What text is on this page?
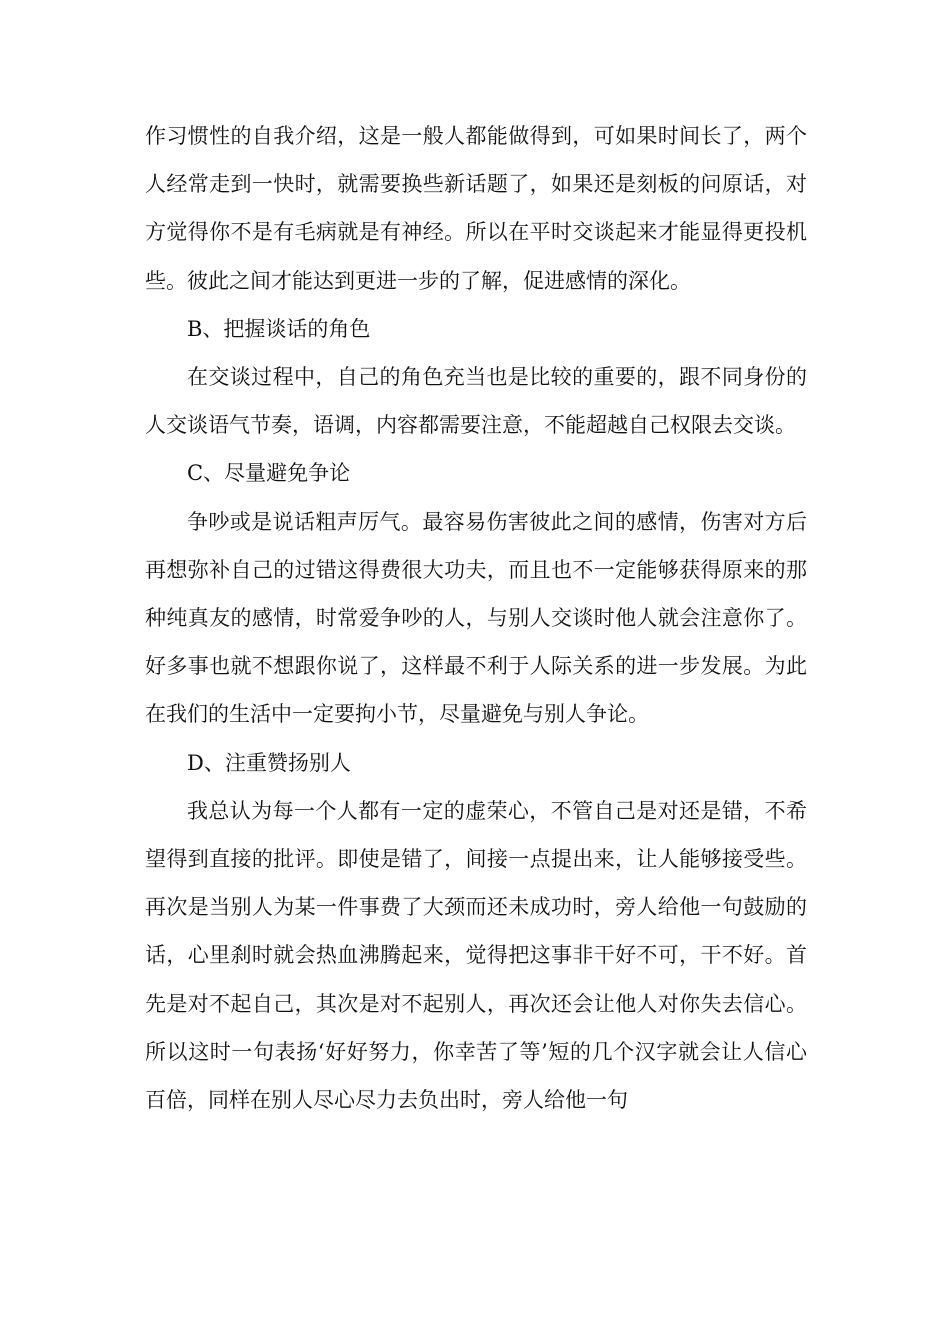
作习惯性的自我介绍，这是一般人都能做得到，可如果时间长了，两个人经常走到一快时，就需要换些新话题了，如果还是刻板的问原话，对方觉得你不是有毛病就是有神经。所以在平时交谈起来才能显得更投机些。彼此之间才能达到更进一步的了解，促进感情的深化。

B、把握谈话的角色

在交谈过程中，自己的角色充当也是比较的重要的，跟不同身份的人交谈语气节奏，语调，内容都需要注意，不能超越自己权限去交谈。

C、尽量避免争论

争吵或是说话粗声厉气。最容易伤害彼此之间的感情，伤害对方后再想弥补自己的过错这得费很大功夫，而且也不一定能够获得原来的那种纯真友的感情，时常爱争吵的人，与别人交谈时他人就会注意你了。好多事也就不想跟你说了，这样最不利于人际关系的进一步发展。为此在我们的生活中一定要拘小节，尽量避免与别人争论。

D、注重赞扬别人

我总认为每一个人都有一定的虚荣心，不管自己是对还是错，不希望得到直接的批评。即使是错了，间接一点提出来，让人能够接受些。再次是当别人为某一件事费了大颈而还未成功时，旁人给他一句鼓励的话，心里刹时就会热血沸腾起来，觉得把这事非干好不可，干不好。首先是对不起自己，其次是对不起别人，再次还会让他人对你失去信心。所以这时一句表扬‘好好努力，你幸苦了等’短的几个汉字就会让人信心百倍，同样在别人尽心尽力去负出时，旁人给他一句
